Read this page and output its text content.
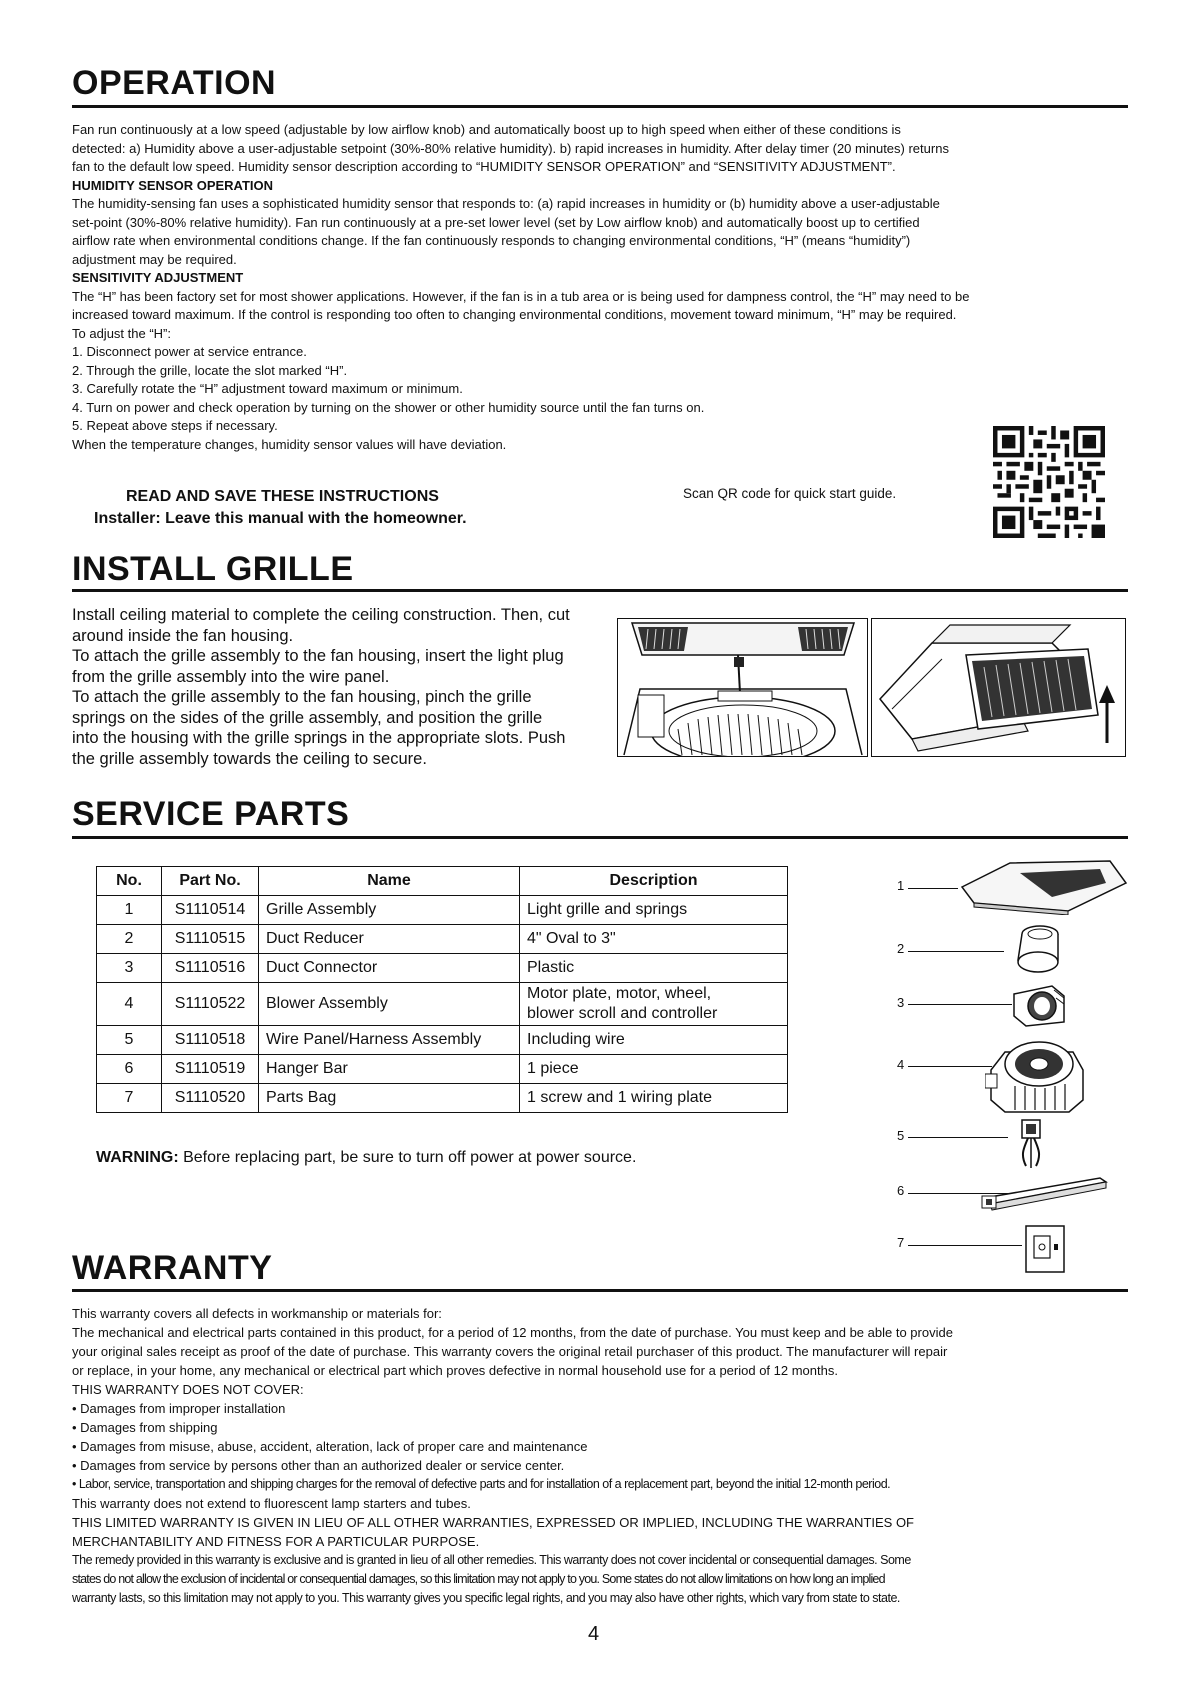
OPERATION
Fan run continuously at a low speed (adjustable by low airflow knob) and automatically boost up to high speed when either of these conditions is
detected: a) Humidity above a user-adjustable setpoint (30%-80% relative humidity). b) rapid increases in humidity. After delay timer (20 minutes) returns
fan to the default low speed. Humidity sensor description according to “HUMIDITY SENSOR OPERATION” and “SENSITIVITY ADJUSTMENT”.
HUMIDITY SENSOR OPERATION
The humidity-sensing fan uses a sophisticated humidity sensor that responds to: (a) rapid increases in humidity or (b) humidity above a user-adjustable
set-point (30%-80% relative humidity). Fan run continuously at a pre-set lower level (set by Low airflow knob) and automatically boost up to certified
airflow rate when environmental conditions change. If the fan continuously responds to changing environmental conditions, “H” (means “humidity”)
adjustment may be required.
SENSITIVITY ADJUSTMENT
The “H” has been factory set for most shower applications. However, if the fan is in a tub area or is being used for dampness control, the “H” may need to be
increased toward maximum. If the control is responding too often to changing environmental conditions, movement toward minimum, “H” may be required.
To adjust the “H”:
1. Disconnect power at service entrance.
2. Through the grille, locate the slot marked “H”.
3. Carefully rotate the “H” adjustment toward maximum or minimum.
4. Turn on power and check operation by turning on the shower or other humidity source until the fan turns on.
5. Repeat above steps if necessary.
When the temperature changes, humidity sensor values will have deviation.
READ AND SAVE THESE INSTRUCTIONS
Installer: Leave this manual with the homeowner.
Scan QR code for quick start guide.
INSTALL GRILLE
Install ceiling material to complete the ceiling construction. Then, cut
around inside the fan housing.
To attach the grille assembly to the fan housing, insert the light plug
from the grille assembly into the wire panel.
To attach the grille assembly to the fan housing, pinch the grille
springs on the sides of the grille assembly, and position the grille
into the housing with the grille springs in the appropriate slots. Push
the grille assembly towards the ceiling to secure.
SERVICE PARTS
No.	Part No.	Name	Description
1	S1110514	Grille Assembly	Light grille and springs
2	S1110515	Duct Reducer	4" Oval to 3"
3	S1110516	Duct Connector	Plastic
4	S1110522	Blower Assembly	Motor plate, motor, wheel,
blower scroll and controller

5	S1110518	Wire Panel/Harness Assembly	Including wire
6	S1110519	Hanger Bar	1 piece
7	S1110520	Parts Bag	1 screw and 1 wiring plate
WARNING: Before replacing part, be sure to turn off power at power source.
1
2
3
4
5
6
7
WARRANTY
This warranty covers all defects in workmanship or materials for:
The mechanical and electrical parts contained in this product, for a period of 12 months, from the date of purchase. You must keep and be able to provide
your original sales receipt as proof of the date of purchase. This warranty covers the original retail purchaser of this product. The manufacturer will repair
or replace, in your home, any mechanical or electrical part which proves defective in normal household use for a period of 12 months.
THIS WARRANTY DOES NOT COVER:
• Damages from improper installation
• Damages from shipping
• Damages from misuse, abuse, accident, alteration, lack of proper care and maintenance
• Damages from service by persons other than an authorized dealer or service center.
• Labor, service, transportation and shipping charges for the removal of defective parts and for installation of a replacement part, beyond the initial 12-month period.
This warranty does not extend to fluorescent lamp starters and tubes.
THIS LIMITED WARRANTY IS GIVEN IN LIEU OF ALL OTHER WARRANTIES, EXPRESSED OR IMPLIED, INCLUDING THE WARRANTIES OF
MERCHANTABILITY AND FITNESS FOR A PARTICULAR PURPOSE.
The remedy provided in this warranty is exclusive and is granted in lieu of all other remedies. This warranty does not cover incidental or consequential damages. Some
states do not allow the exclusion of incidental or consequential damages, so this limitation may not apply to you. Some states do not allow limitations on how long an implied
warranty lasts, so this limitation may not apply to you. This warranty gives you specific legal rights, and you may also have other rights, which vary from state to state.
4
